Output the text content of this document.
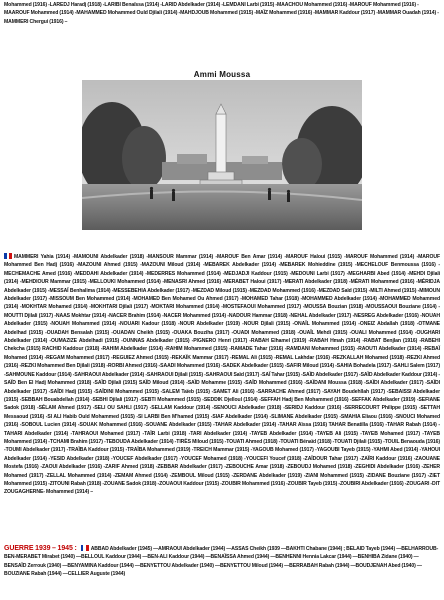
Mohammed (1916) -LAREDJ Haradj (1918) -LARIBI Benaïssa (1914) -LARID Abdelkader (1914) -LEMDANI Larbi (1915) -MAACHOU Mohammed (1916) -MAROUF Mohammed (1916) -MAAROUF Mohammed (1914) -MAHAMMED Mohammed Ould Djilali (1914) -MAHDJOUB Mohammed (1915) -MAÏZ Mohammed (1916) -MAMMAR Kaddour (1917) -MAMMAR Ouadah (1914) -MAMMERI Chergui (1916) –
Ammi Moussa
MAMMERI Yahia (1914) -MAMOUNI Abdelkader (1918) -MANSOUR Mammar (1914) -MAROUF Ben Amar (1914) -MAROUF Haloui (1915) -MAROUF Mohammed (1914) -MAROUF Mohammed Ben Hadj (1916) -MAZOUNI Ahmed (1915) -MAZOUNI Miloud (1914) -MEBAREK Abdelkader (1914) -MEBAREK Mohieddine (1915) -MECHELOUF Benmoussa (1916) -MECHEMACHE Amed (1916) -MEDDAHI Abdelkader (1914) -MEDERRES Mohammed (1914) -MEDJADJI Kaddour (1915) -MEDOUNI Larbi (1917) -MEGHARBI Abed (1914) -MEHDI Djilali (1914) -MEHDIOUR Mammar (1915) -MELLOUKI Mohammed (1914) -MENASRI Ahmed (1916) -MERABET Haloui (1917) -MERATI Abdelkader (1918) -MÉRATI Mohammed (1916) -MÉRIDJA Abdelkader (1915) -MESSAÏ Benhalima (1914) -MESSEBEHIA Abdelkader (1917) -MEZDAD Miloud (1915) -MEZDAD Mohammed (1916) -MEZDAD Saïd (1915) -MILTI Ahmed (1915) -MIMOUN Abdelkader (1917) -MISSOUM Ben Mohammed (1914) -MOHAMED Ben Mohamed Ou Ahmed (1917) -MOHAMED Tahar (1918) -MOHAMMED Abdelkader (1914) -MOHAMMED Mohammed (1914) -MOKHTAR Mohamed (1914) -MOKHTARI Djilali (1917) -MOKTARI Mohammed (1914) -MOSTEFAOUI Mohammed (1917) -MOUSSA Bouzian (1918) -MOUSSAOUI Bouziane (1914) -MOUTTI Djilali (1917) -NAAS Mokhtar (1914) -NACER Brahim (1914) -NACER Mohammed (1914) -NADOUR Hammar (1918) -NEHAL Abdelkader (1917) -NESREG Abdelkader (1916) -NOUAH Abdelkader (1915) -NOUAH Mohammed (1914) -NOUARI Kadour (1918) -NOUR Abdelkader (1919) -NOUR Djilali (1915) -ONAÏL Mohammed (1914) -ONEIZ Abdallah (1918) -OTMANE Abdelhad (1915) -OUADAH Bensalah (1915) -OUADAN Cheikh (1915) -OUAKA Bouziha (1917) -OUADI Mohammed (1918) -OUAÏL Mehdi (1915) -OUALI Mohammed (1914) -OUGHARI Abdelkader (1914) -OUMAZIZE Abdelhadi (1915) -OUNNAS Abdelkader (1915) -PIGNERO Henri (1917) -RABAH Elhamel (1919) -RABAH Hmah (1914) -RABAT Benjlan (1916) -RABEHI Chekcha (1915) RACHID Kaddour (1918) -RAHIM Abdelkader (1914) -RAHIM Mohammed (1915) -RAMADE Tahar (1916) -RAMDANI Mohammed (1915) -RAOUTI Abdelkader (1914) -REBAÏ Mohamed (1914) -REGAM Mohammed (1917) -REGUIEZ Ahmed (1915) -REKAÏK Mammar (1917) -REMAL Ali (1915) -REMAL Lakhdar (1916) -REZKALLAH Mohamed (1918) -REZKI Ahmed (1916) -REZKI Mohammed Ben Djilali (1918) -RORBI Ahmed (1916) -SAADI Mohammed (1916) -SADEK Abdelkader (1915) -SAFIR Miloud (1914) -SAHIA Bohadela (1917) -SAHLI Salem (1917) -SAHMOUNE Kaddour (1914) -SAHRAOUI Abdelkader (1914) -SAHRAOUI Djilali (1915) -SAHRAOUI Saïd (1917) -SAÏ Tahar (1915) -SAÏD Abdelkader (1917) -SAÏD Abdelkader Kaddour (1914) -SAÏD Ben El Hadj Mohammed (1918) -SAÏD Djilali (1915) SAÏD Miloud (1914) -SAÏD Mohamme (1915) -SAÏD Mohammed (1916) -SAÏDANI Moussa (1918) -SAÏDI Abdelkader (1917) -SAÏDI Abdelkader (1917) -SAÏDI Hadj (1915) -SAÏDINI Mohammed (1915) -SALEM Taïeb (1915) -SAMET Ali (1916) -SARRACHE Ahmed (1917) -SAYAH Boudehllah (1917) -SEBAISSI Abdelkader (1915) -SEBBAH Bouabdellah (1914) -SEBHI Djilali (1917) -SEBTI Mohammed (1915) -SEDDIK Djelloul (1914) -SEFFAH Hadj Ben Mohammed (1916) -SEFFAK Abdelkader (1919) -SEFIANE Sadok (1918) -SÉLAM Ahmed (1917) -SELI OU SAHLI (1917) -SELLAM Kaddour (1914) -SENOUCI Abdelkader (1918) -SERIDJ Kaddour (1916) -SERRECOURT Philippe (1915) -SETTAH Messaoud (1916) -SI ALI Habib Ould Mohammed (1915) -SI LARBI Ben M'hamed (1915) -SIAF Abdelkader (1914) -SLIMANE Abdelkader (1915) -SMAHIA Eliaou (1916) -SNOUCI Mohamed (1916) -SOBOUL Lucien (1914) -SOUAK Mohammed (1916) -SOUANE Abdelkader (1915) -TAHAR Abdelkader (1914) -TAHAR Aïssa (1916) TAHAR Benatilla (1916) -TAHAR Rabah (1914) -TAHARI Abdelkader (1914) -TAHRAOUI Mohamed (1917) -TAÏR Larbi (1918) -TARI Abdelkader (1914) -TAYEB Abdelkader (1914) -TAYEB Ali (1915) -TAYEB Mohamed (1917) -TAYEB Mohammed (1914) -TCHAMI Brahim (1917) -TEBOUDA Abdelkader (1914) -TIRÈS Miloud (1915) -TOUATI Ahmed (1918) -TOUATI Bénaïd (1918) -TOUATI Djilali (1915) -TOUIL Benaouda (1916) -TOUMI Abdelkader (1917) -TRAÏBA Kaddour (1915) -TRAÏBA Mohammed (1919) -TREICH Mammar (1915) -YAGOUB Mohamed (1917) -YAGOUBI Tayeb (1915) -YAHMI Abed (1914) -YAHOUI Abdelkader (1914) -YESID Abdelkader (1918) -YOUCEF Abdelkader (1917) -YOUCEF Mohamed (1918) -YOUCEFI Youcef (1918) -ZAÏDOUR Tahar (1917) -ZAÏRI Kaddour (1916) -ZAOUANE Mostefa (1916) -ZAOUI Abdelkader (1916) -ZARIF Ahmed (1918) -ZEBBAR Abdelkader (1917) -ZEBOUCHE Amar (1918) -ZEBOUDJ Mohamed (1918) -ZEGHIDI Abdelkader (1916) -ZEHER Mohamed (1917) -ZELLAL Mohammed (1914) -ZEMAM Ahmed (1914) -ZEMBOUL Miloud (1915) -ZERDANE Abdelkader (1919) -ZIANI Mohammed (1915) -ZIDANE Bouziane (1917) -ZIET Mohammed (1915) -ZITOUNI Rabah (1918) -ZOUANE Sadok (1918) -ZOUAOUI Kaddour (1915) -ZOUBIR Mohammed (1916) -ZOUBIR Tayeb (1915) -ZOUBIRI Abdelkader (1916) -ZOUGARI -DIT ZOUGAGHERNE- Mohammed (1914) –
GUERRE 1939 – 1945 :	ABBAD Abdelkader (1945) —AMRAOUI Abdelkader (1944) —ASSAS Cheikh (1939 —BAKHTI Chabane (1944) ; BELAID Tayeb (1944) —BELHARROUB-BEN-MERABET Mirabet (1940) —BELLOUL Kaddour (1944) —BEN-ALI Kaddour (1944) —BENAÏSSA Ahmed (1944) —BENHENNI Hennia Lakcar (1944) —BENHIBA Zidane (1940) —BENSAÏD Zerrouk (1940) —BENYAMINA Kaddour (1944) —BENYETTOU Abdelkader (1940) —BENYETTOU Miloud (1944) —BERRABAH Rabah (1944) —BOUDJENAH Abed (1940) —BOUZIANE Rabah (1944) —CELLIER Auguste (1944)
